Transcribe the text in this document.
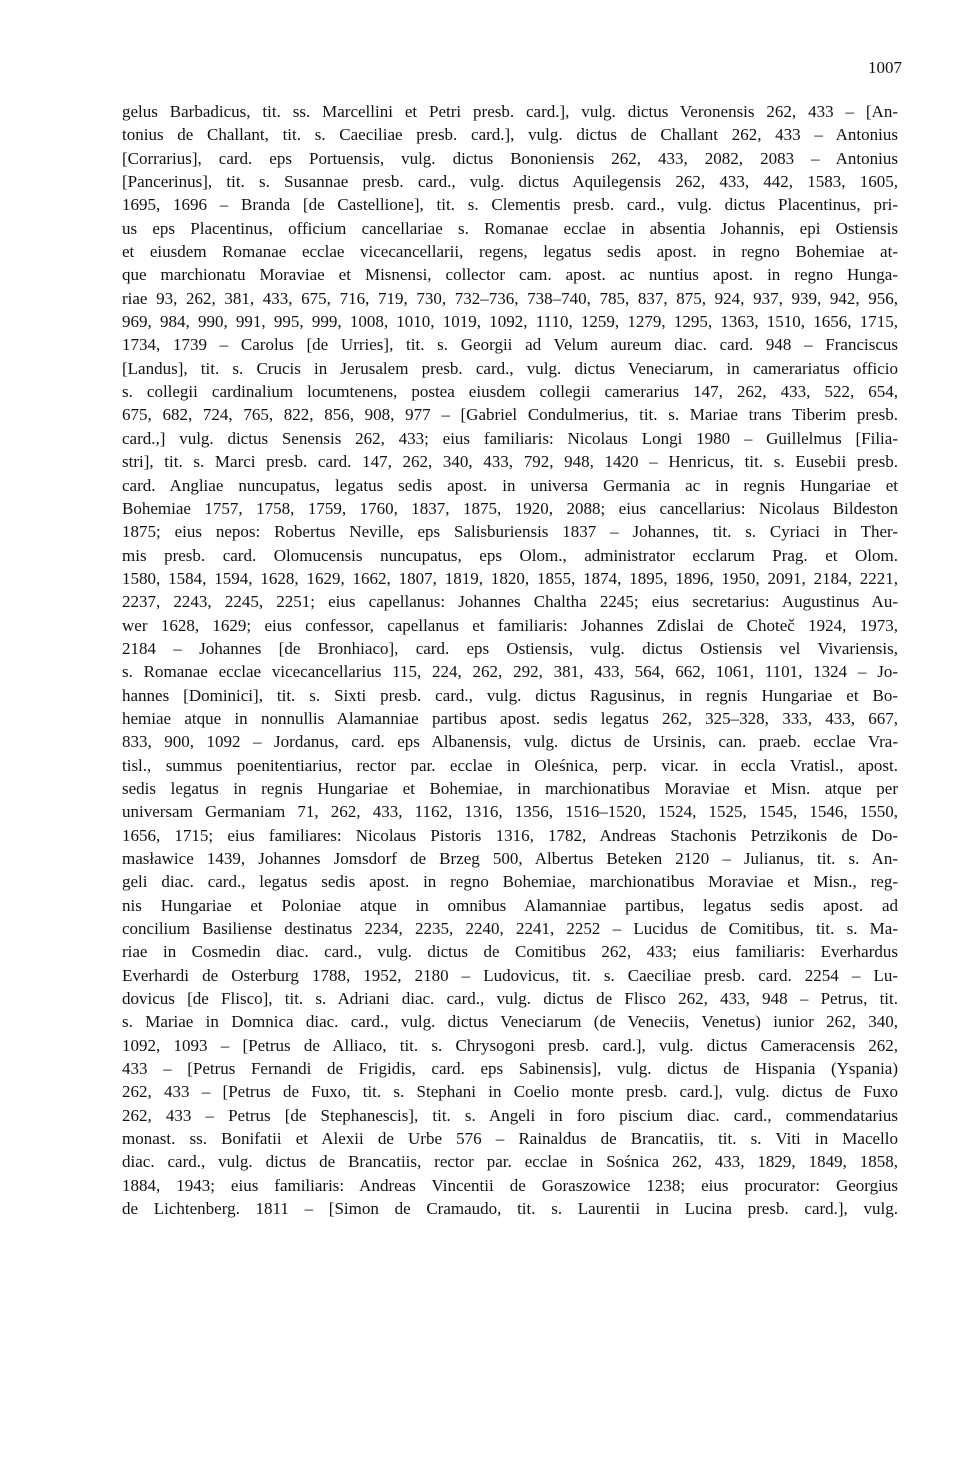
1007
gelus Barbadicus, tit. ss. Marcellini et Petri presb. card.], vulg. dictus Veronensis 262, 433 – [An-
tonius de Challant, tit. s. Caeciliae presb. card.], vulg. dictus de Challant 262, 433 – Antonius
[Corrarius], card. eps Portuensis, vulg. dictus Bononiensis 262, 433, 2082, 2083 – Antonius
[Pancerinus], tit. s. Susannae presb. card., vulg. dictus Aquilegensis 262, 433, 442, 1583, 1605,
1695, 1696 – Branda [de Castellione], tit. s. Clementis presb. card., vulg. dictus Placentinus, pri-
us eps Placentinus, officium cancellariae s. Romanae ecclae in absentia Johannis, epi Ostiensis
et eiusdem Romanae ecclae vicecancellarii, regens, legatus sedis apost. in regno Bohemiae at-
que marchionatu Moraviae et Misnensi, collector cam. apost. ac nuntius apost. in regno Hunga-
riae 93, 262, 381, 433, 675, 716, 719, 730, 732–736, 738–740, 785, 837, 875, 924, 937, 939, 942, 956,
969, 984, 990, 991, 995, 999, 1008, 1010, 1019, 1092, 1110, 1259, 1279, 1295, 1363, 1510, 1656, 1715,
1734, 1739 – Carolus [de Urries], tit. s. Georgii ad Velum aureum diac. card. 948 – Franciscus
[Landus], tit. s. Crucis in Jerusalem presb. card., vulg. dictus Veneciarum, in camerariatus officio
s. collegii cardinalium locumtenens, postea eiusdem collegii camerarius 147, 262, 433, 522, 654,
675, 682, 724, 765, 822, 856, 908, 977 – [Gabriel Condulmerius, tit. s. Mariae trans Tiberim presb.
card.,] vulg. dictus Senensis 262, 433; eius familiaris: Nicolaus Longi 1980 – Guillelmus [Filia-
stri], tit. s. Marci presb. card. 147, 262, 340, 433, 792, 948, 1420 – Henricus, tit. s. Eusebii presb.
card. Angliae nuncupatus, legatus sedis apost. in universa Germania ac in regnis Hungariae et
Bohemiae 1757, 1758, 1759, 1760, 1837, 1875, 1920, 2088; eius cancellarius: Nicolaus Bildeston
1875; eius nepos: Robertus Neville, eps Salisburiensis 1837 – Johannes, tit. s. Cyriaci in Ther-
mis presb. card. Olomucensis nuncupatus, eps Olom., administrator ecclarum Prag. et Olom.
1580, 1584, 1594, 1628, 1629, 1662, 1807, 1819, 1820, 1855, 1874, 1895, 1896, 1950, 2091, 2184, 2221,
2237, 2243, 2245, 2251; eius capellanus: Johannes Chaltha 2245; eius secretarius: Augustinus Au-
wer 1628, 1629; eius confessor, capellanus et familiaris: Johannes Zdislai de Choteč 1924, 1973,
2184 – Johannes [de Bronhiaco], card. eps Ostiensis, vulg. dictus Ostiensis vel Vivariensis,
s. Romanae ecclae vicecancellarius 115, 224, 262, 292, 381, 433, 564, 662, 1061, 1101, 1324 – Jo-
hannes [Dominici], tit. s. Sixti presb. card., vulg. dictus Ragusinus, in regnis Hungariae et Bo-
hemiae atque in nonnullis Alamanniae partibus apost. sedis legatus 262, 325–328, 333, 433, 667,
833, 900, 1092 – Jordanus, card. eps Albanensis, vulg. dictus de Ursinis, can. praeb. ecclae Vra-
tisl., summus poenitentiarius, rector par. ecclae in Oleśnica, perp. vicar. in eccla Vratisl., apost.
sedis legatus in regnis Hungariae et Bohemiae, in marchionatibus Moraviae et Misn. atque per
universam Germaniam 71, 262, 433, 1162, 1316, 1356, 1516–1520, 1524, 1525, 1545, 1546, 1550,
1656, 1715; eius familiares: Nicolaus Pistoris 1316, 1782, Andreas Stachonis Petrzikonis de Do-
masławice 1439, Johannes Jomsdorf de Brzeg 500, Albertus Beteken 2120 – Julianus, tit. s. An-
geli diac. card., legatus sedis apost. in regno Bohemiae, marchionatibus Moraviae et Misn., reg-
nis Hungariae et Poloniae atque in omnibus Alamanniae partibus, legatus sedis apost. ad
concilium Basiliense destinatus 2234, 2235, 2240, 2241, 2252 – Lucidus de Comitibus, tit. s. Ma-
riae in Cosmedin diac. card., vulg. dictus de Comitibus 262, 433; eius familiaris: Everhardus
Everhardi de Osterburg 1788, 1952, 2180 – Ludovicus, tit. s. Caeciliae presb. card. 2254 – Lu-
dovicus [de Flisco], tit. s. Adriani diac. card., vulg. dictus de Flisco 262, 433, 948 – Petrus, tit.
s. Mariae in Domnica diac. card., vulg. dictus Veneciarum (de Veneciis, Venetus) iunior 262, 340,
1092, 1093 – [Petrus de Alliaco, tit. s. Chrysogoni presb. card.], vulg. dictus Cameracensis 262,
433 – [Petrus Fernandi de Frigidis, card. eps Sabinensis], vulg. dictus de Hispania (Yspania)
262, 433 – [Petrus de Fuxo, tit. s. Stephani in Coelio monte presb. card.], vulg. dictus de Fuxo
262, 433 – Petrus [de Stephanescis], tit. s. Angeli in foro piscium diac. card., commendatarius
monast. ss. Bonifatii et Alexii de Urbe 576 – Rainaldus de Brancatiis, tit. s. Viti in Macello
diac. card., vulg. dictus de Brancatiis, rector par. ecclae in Sośnica 262, 433, 1829, 1849, 1858,
1884, 1943; eius familiaris: Andreas Vincentii de Goraszowice 1238; eius procurator: Georgius
de Lichtenberg. 1811 – [Simon de Cramaudo, tit. s. Laurentii in Lucina presb. card.], vulg.
